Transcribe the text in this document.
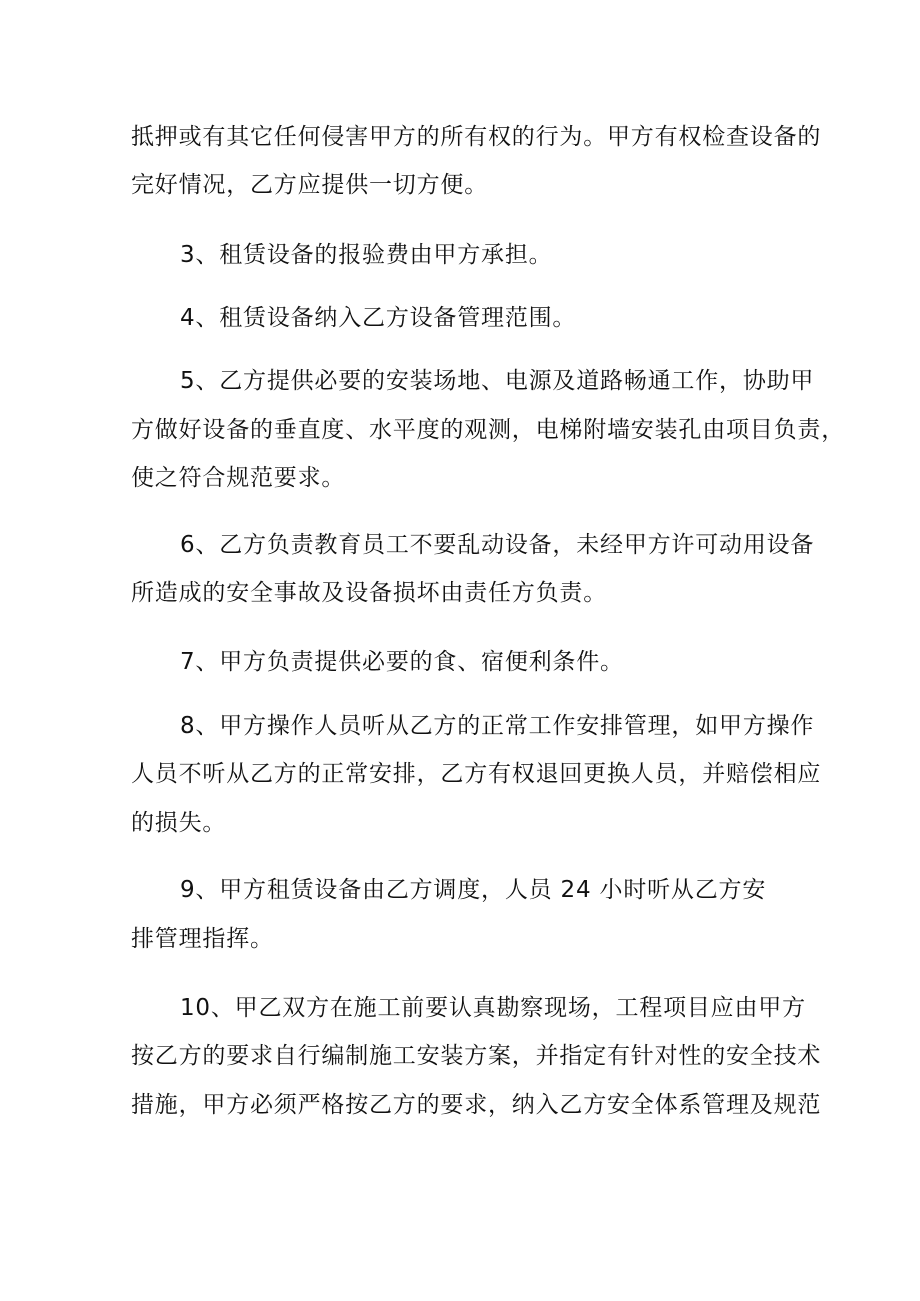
抵押或有其它任何侵害甲方的所有权的行为。甲方有权检查设备的

完好情况，乙方应提供一切方便。

3、租赁设备的报验费由甲方承担。

4、租赁设备纳入乙方设备管理范围。

5、乙方提供必要的安装场地、电源及道路畅通工作，协助甲

方做好设备的垂直度、水平度的观测，电梯附墙安装孔由项目负责，

使之符合规范要求。

6、乙方负责教育员工不要乱动设备，未经甲方许可动用设备

所造成的安全事故及设备损坏由责任方负责。

7、甲方负责提供必要的食、宿便利条件。

8、甲方操作人员听从乙方的正常工作安排管理，如甲方操作

人员不听从乙方的正常安排，乙方有权退回更换人员，并赔偿相应

的损失。

9、甲方租赁设备由乙方调度，人员 24 小时听从乙方安

排管理指挥。

10、甲乙双方在施工前要认真勘察现场，工程项目应由甲方

按乙方的要求自行编制施工安装方案，并指定有针对性的安全技术

措施，甲方必须严格按乙方的要求，纳入乙方安全体系管理及规范
